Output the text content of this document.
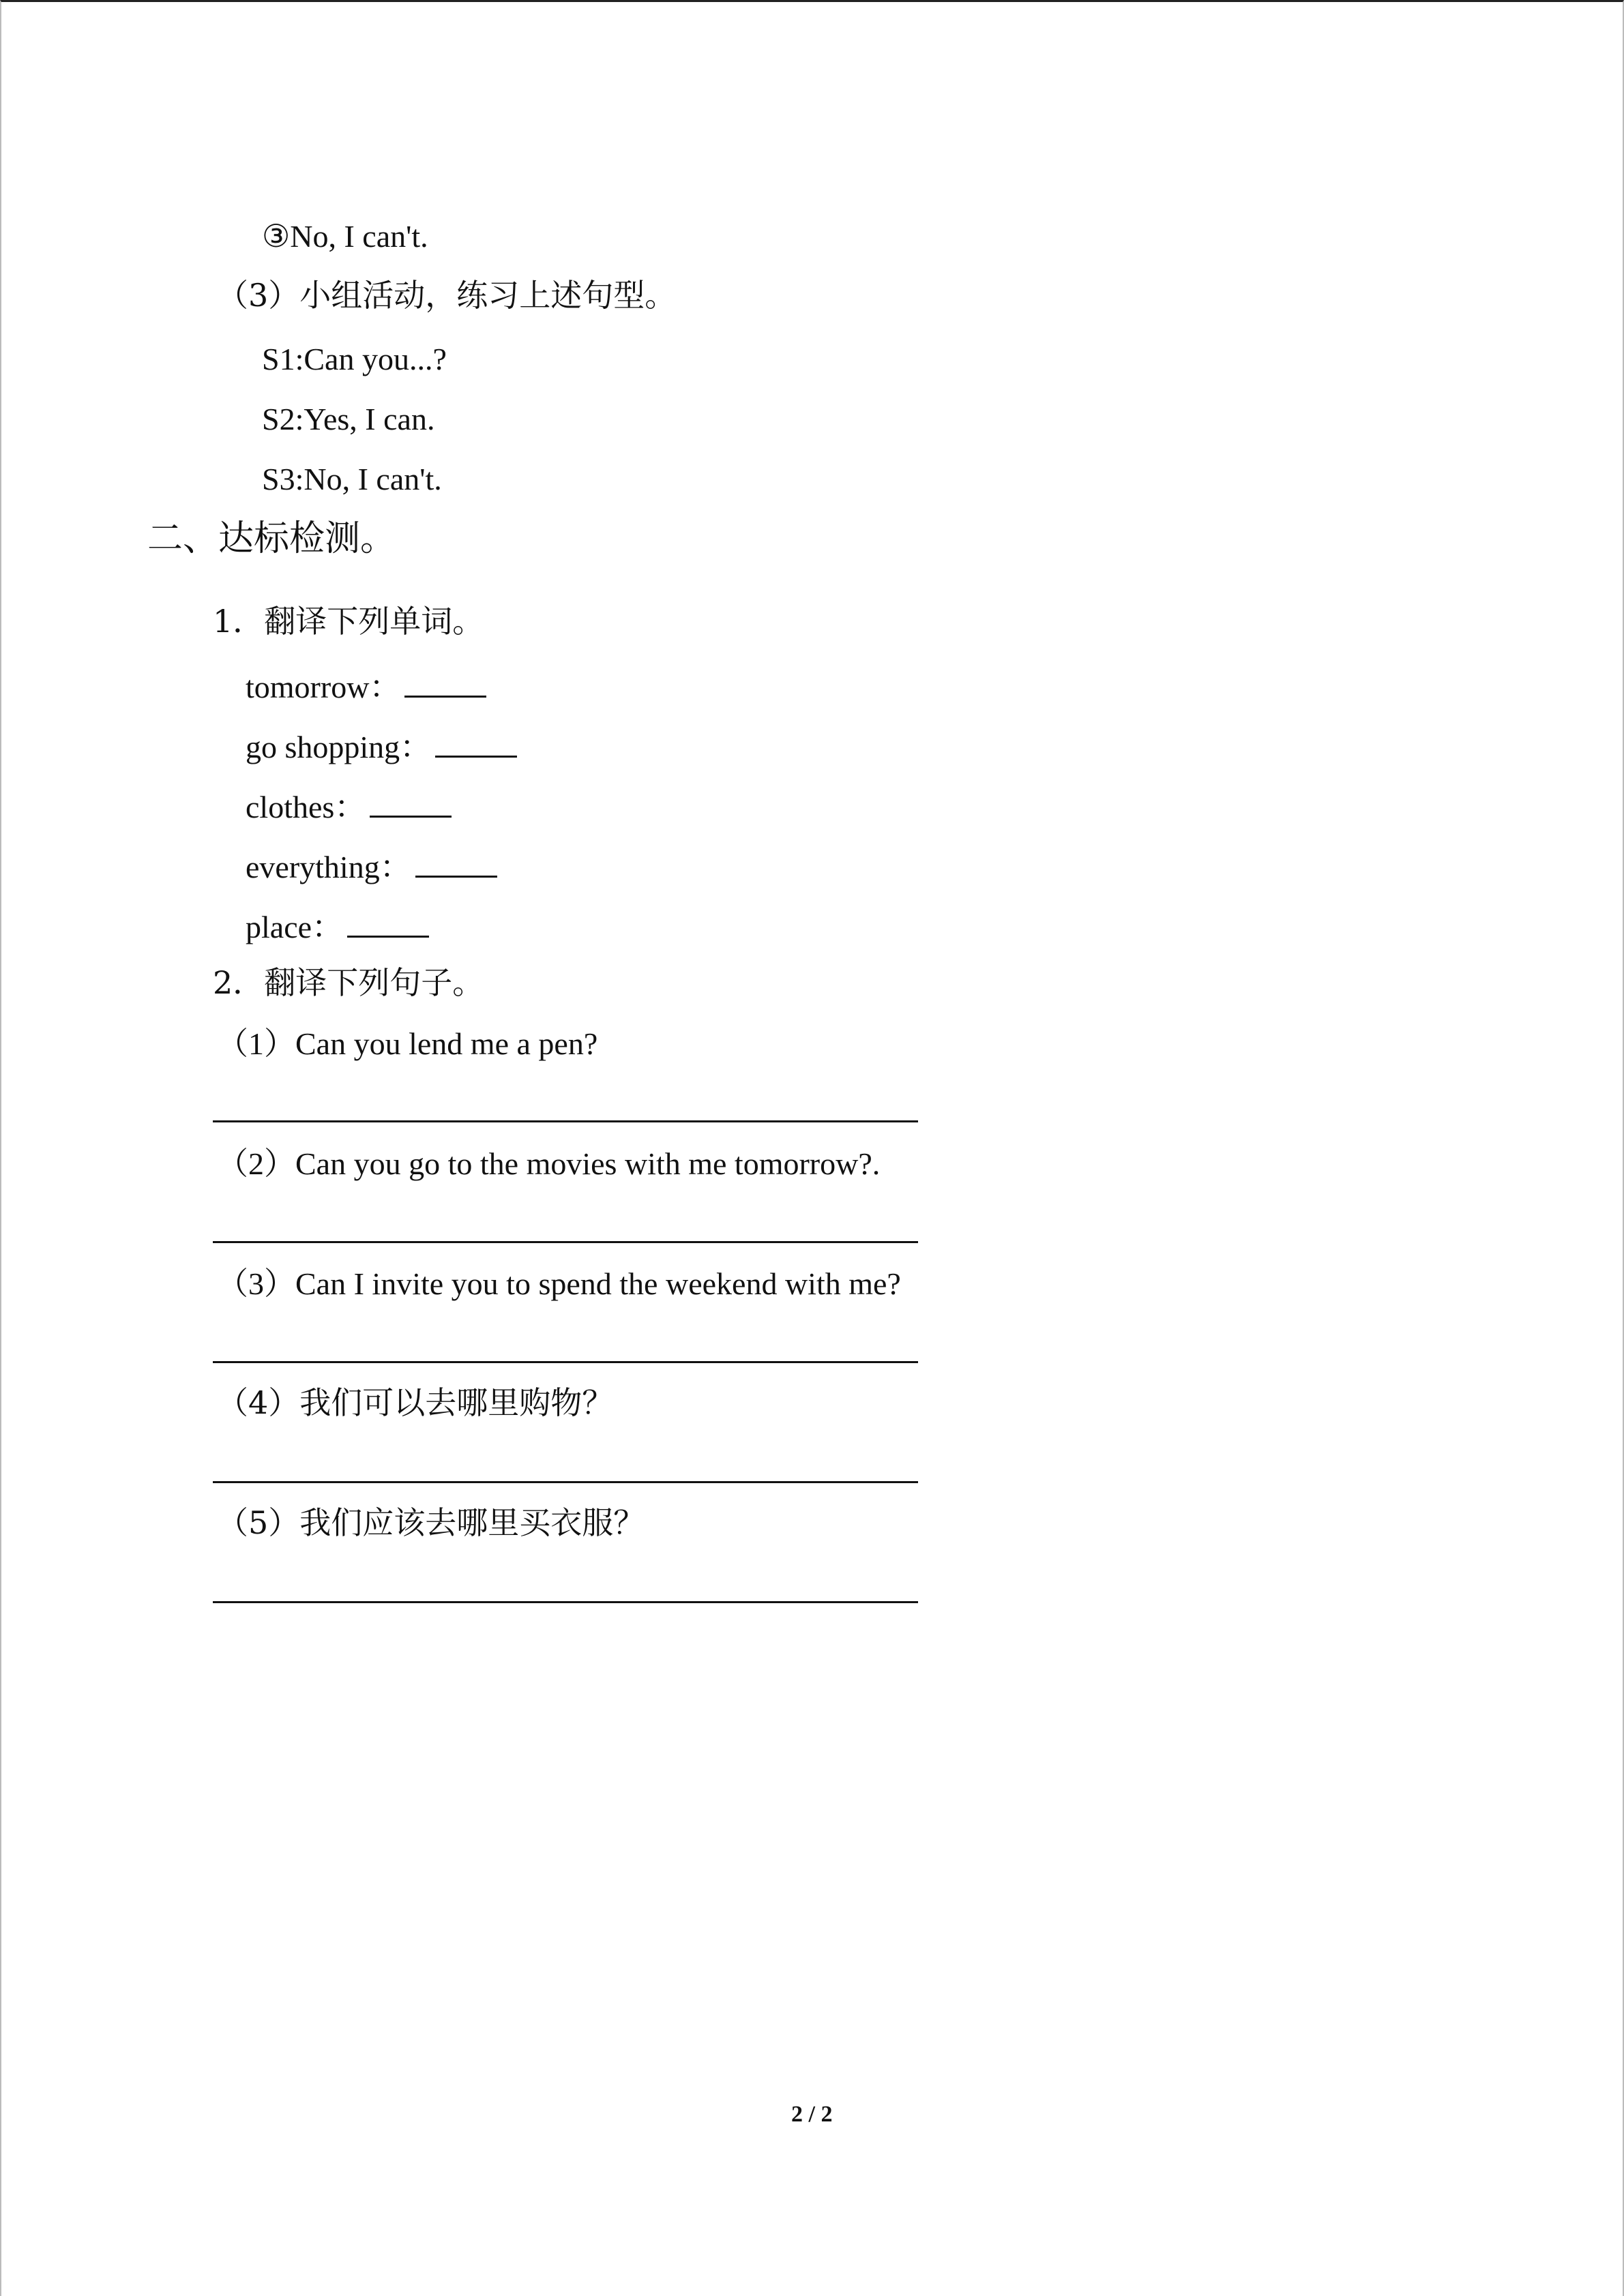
③No, I can't.
（3）小组活动，练习上述句型。
S1:Can you...?
S2:Yes, I can.
S3:No, I can't.
二、达标检测。
1．翻译下列单词。
tomorrow：
go shopping：
clothes：
everything：
place：
2．翻译下列句子。
（1）Can you lend me a pen?
（2）Can you go to the movies with me tomorrow?.
（3）Can I invite you to spend the weekend with me?
（4）我们可以去哪里购物？
（5）我们应该去哪里买衣服？
2 / 2
